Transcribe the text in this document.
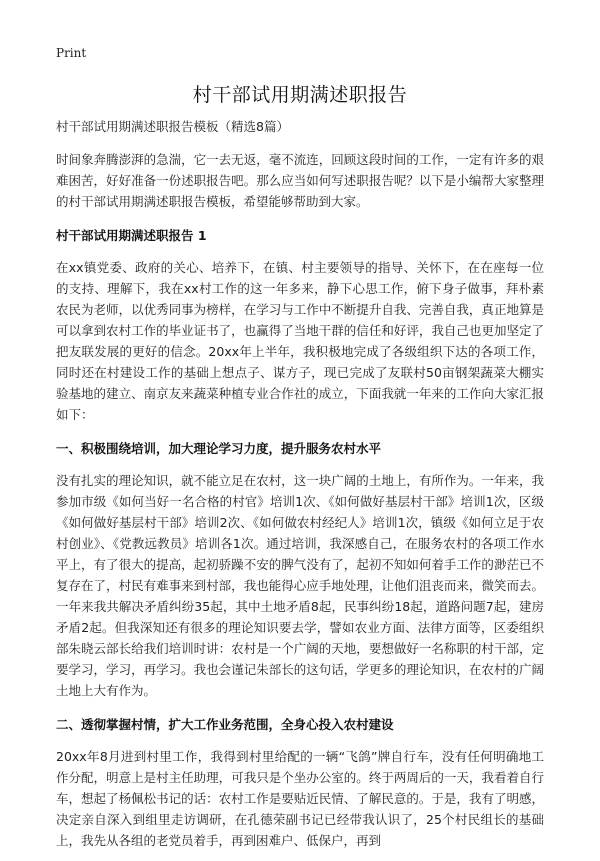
Print
村干部试用期满述职报告

村干部试用期满述职报告模板（精选8篇）

时间象奔腾澎湃的急湍，它一去无返，毫不流连，回顾这段时间的工作，一定有许多的艰难困苦，好好准备一份述职报告吧。那么应当如何写述职报告呢？以下是小编帮大家整理的村干部试用期满述职报告模板，希望能够帮助到大家。

村干部试用期满述职报告 1

在xx镇党委、政府的关心、培养下，在镇、村主要领导的指导、关怀下，在在座每一位的支持、理解下，我在xx村工作的这一年多来，静下心思工作，俯下身子做事，拜朴素农民为老师，以优秀同事为榜样，在学习与工作中不断提升自我、完善自我，真正地算是可以拿到农村工作的毕业证书了，也赢得了当地干群的信任和好评，我自己也更加坚定了把友联发展的更好的信念。20xx年上半年，我积极地完成了各级组织下达的各项工作，同时还在村建设工作的基础上想点子、谋方子，现已完成了友联村50亩钢架蔬菜大棚实验基地的建立、南京友来蔬菜种植专业合作社的成立，下面我就一年来的工作向大家汇报如下：

一、积极围绕培训，加大理论学习力度，提升服务农村水平

没有扎实的理论知识，就不能立足在农村，这一块广阔的土地上，有所作为。一年来，我参加市级《如何当好一名合格的村官》培训1次、《如何做好基层村干部》培训1次，区级《如何做好基层村干部》培训2次、《如何做农村经纪人》培训1次，镇级《如何立足于农村创业》、《党教远教员》培训各1次。通过培训，我深感自己，在服务农村的各项工作水平上，有了很大的提高，起初骄躁不安的脾气没有了，起初不知如何着手工作的渺茫已不复存在了，村民有难事来到村部，我也能得心应手地处理，让他们沮丧而来，微笑而去。一年来我共解决矛盾纠纷35起，其中土地矛盾8起，民事纠纷18起，道路问题7起，建房矛盾2起。但我深知还有很多的理论知识要去学，譬如农业方面、法律方面等，区委组织部朱晓云部长给我们培训时讲：农村是一个广阔的天地，要想做好一名称职的村干部，定要学习，学习，再学习。我也会谨记朱部长的这句话，学更多的理论知识，在农村的广阔土地上大有作为。

二、透彻掌握村情，扩大工作业务范围，全身心投入农村建设

20xx年8月进到村里工作，我得到村里给配的一辆“飞鸽”牌自行车，没有任何明确地工作分配，明意上是村主任助理，可我只是个坐办公室的。终于两周后的一天，我看着自行车，想起了杨佩松书记的话：农村工作是要贴近民情、了解民意的。于是，我有了明感，决定亲自深入到组里走访调研，在孔德荣副书记已经带我认识了，25个村民组长的基础上，我先从各组的老党员着手，再到困难户、低保户，再到
